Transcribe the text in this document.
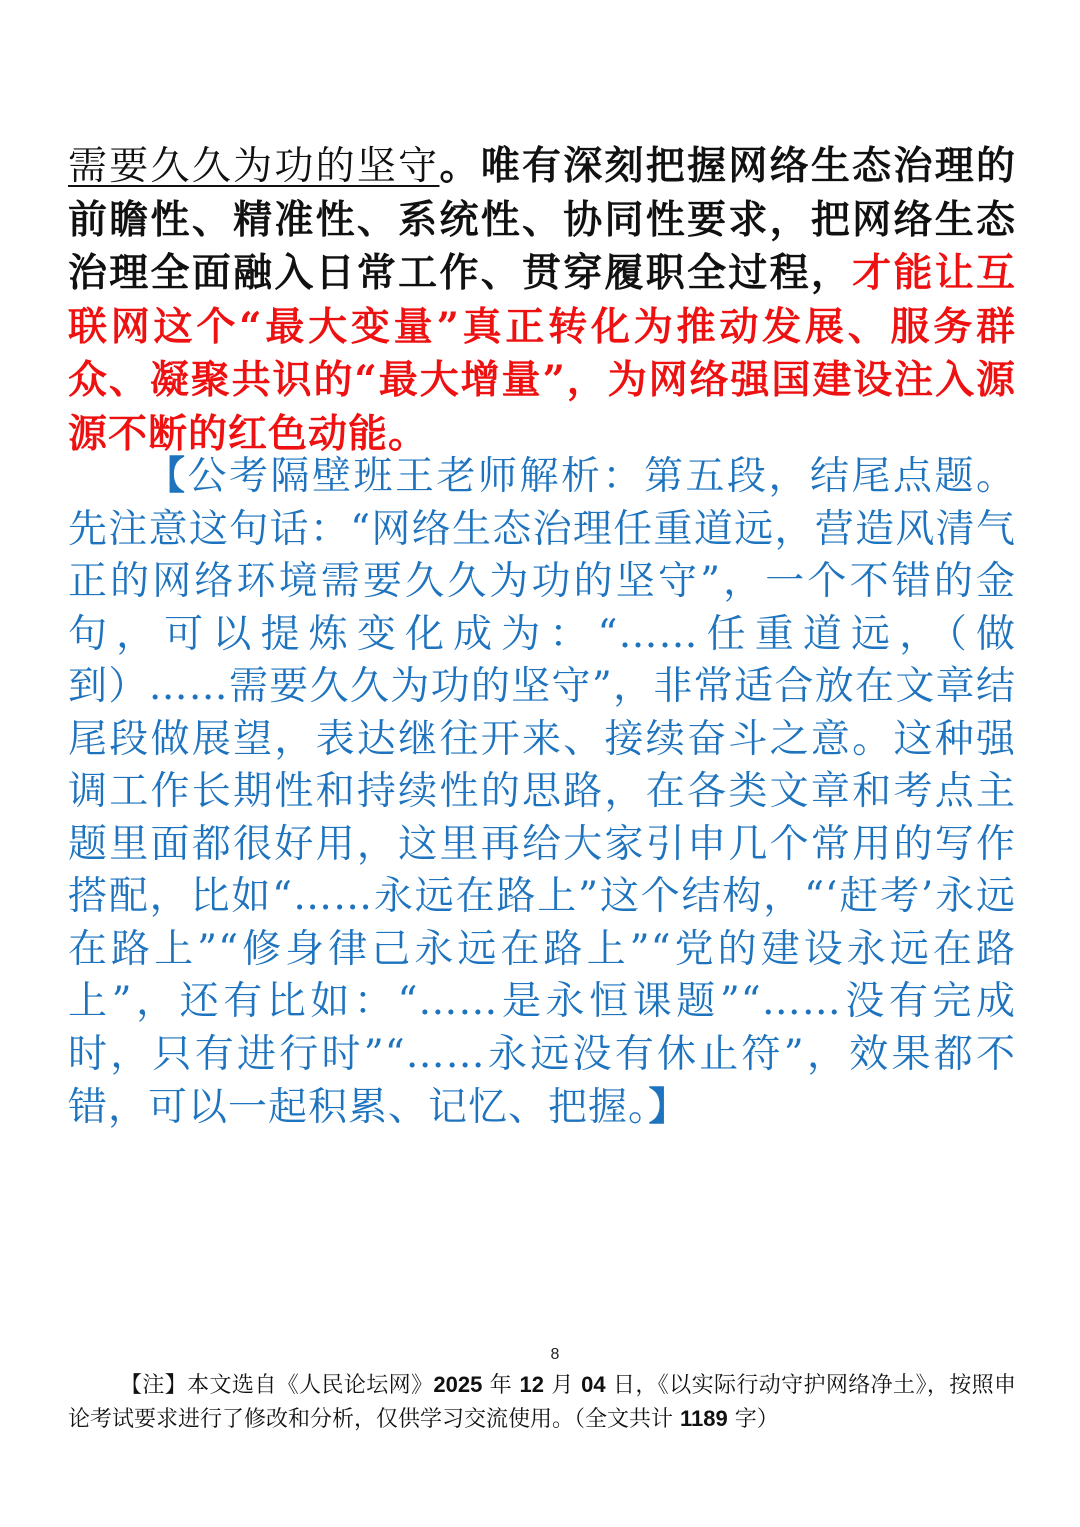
需要久久为功的坚守。唯有深刻把握网络生态治理的前瞻性、精准性、系统性、协同性要求，把网络生态治理全面融入日常工作、贯穿履职全过程，才能让互联网这个“最大变量”真正转化为推动发展、服务群众、凝聚共识的“最大增量”，为网络强国建设注入源源不断的红色动能。
【公考隔壁班王老师解析：第五段，结尾点题。先注意这句话：“网络生态治理任重道远，营造风清气正的网络环境需要久久为功的坚守”，一个不错的金句，可以提炼变化成为：“……任重道远，（做到）……需要久久为功的坚守”，非常适合放在文章结尾段做展望，表达继往开来、接续奋斗之意。这种强调工作长期性和持续性的思路，在各类文章和考点主题里面都很好用，这里再给大家引申几个常用的写作搭配，比如“……永远在路上”这个结构，“‘赶考’永远在路上”“修身律己永远在路上”“党的建设永远在路上”，还有比如：“……是永恒课题”“……没有完成时，只有进行时”“……永远没有休止符”，效果都不错，可以一起积累、记忆、把握。】
8
【注】本文选自《人民论坛网》2025 年 12 月 04 日，《以实际行动守护网络净土》，按照申论考试要求进行了修改和分析，仅供学习交流使用。（全文共计 1189 字）
